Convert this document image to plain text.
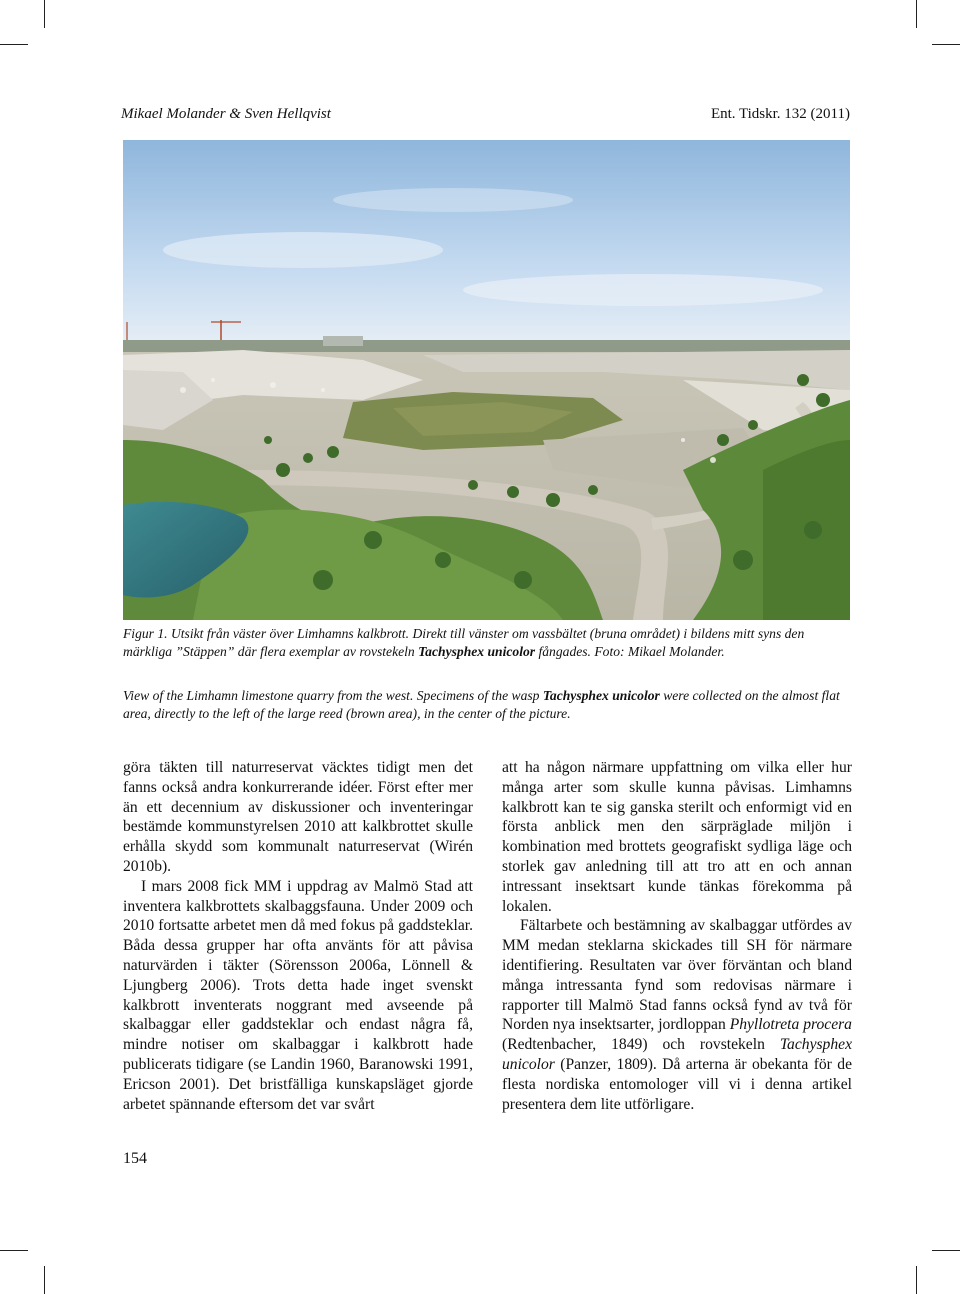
Mikael Molander & Sven Hellqvist	Ent. Tidskr. 132 (2011)

Figur 1. Utsikt från väster över Limhamns kalkbrott. Direkt till vänster om vassbältet (bruna området) i bildens mitt syns den märkliga ”Stäppen” där flera exemplar av rovstekeln Tachysphex unicolor fångades. Foto: Mikael Molander.

View of the Limhamn limestone quarry from the west. Specimens of the wasp Tachysphex unicolor were collected on the almost flat area, directly to the left of the large reed (brown area), in the center of the picture.

göra täkten till naturreservat väcktes tidigt men det fanns också andra konkurrerande idéer. Först efter mer än ett decennium av diskussioner och inventeringar bestämde kommunstyrelsen 2010 att kalkbrottet skulle erhålla skydd som kommunalt naturreservat (Wirén 2010b).

I mars 2008 fick MM i uppdrag av Malmö Stad att inventera kalkbrottets skalbaggsfauna. Under 2009 och 2010 fortsatte arbetet men då med fokus på gaddsteklar. Båda dessa grupper har ofta använts för att påvisa naturvärden i täkter (Sörensson 2006a, Lönnell & Ljungberg 2006). Trots detta hade inget svenskt kalkbrott inventerats noggrant med avseende på skalbaggar eller gaddsteklar och endast några få, mindre notiser om skalbaggar i kalkbrott hade publicerats tidigare (se Landin 1960, Baranowski 1991, Ericson 2001). Det bristfälliga kunskapsläget gjorde arbetet spännande eftersom det var svårt

att ha någon närmare uppfattning om vilka eller hur många arter som skulle kunna påvisas. Limhamns kalkbrott kan te sig ganska sterilt och enformigt vid en första anblick men den särpräglade miljön i kombination med brottets geografiskt sydliga läge och storlek gav anledning till att tro att en och annan intressant insektsart kunde tänkas förekomma på lokalen.

Fältarbete och bestämning av skalbaggar utfördes av MM medan steklarna skickades till SH för närmare identifiering. Resultaten var över förväntan och bland många intressanta fynd som redovisas närmare i rapporter till Malmö Stad fanns också fynd av två för Norden nya insektsarter, jordloppan Phyllotreta procera (Redtenbacher, 1849) och rovstekeln Tachysphex unicolor (Panzer, 1809). Då arterna är obekanta för de flesta nordiska entomologer vill vi i denna artikel presentera dem lite utförligare.

154
